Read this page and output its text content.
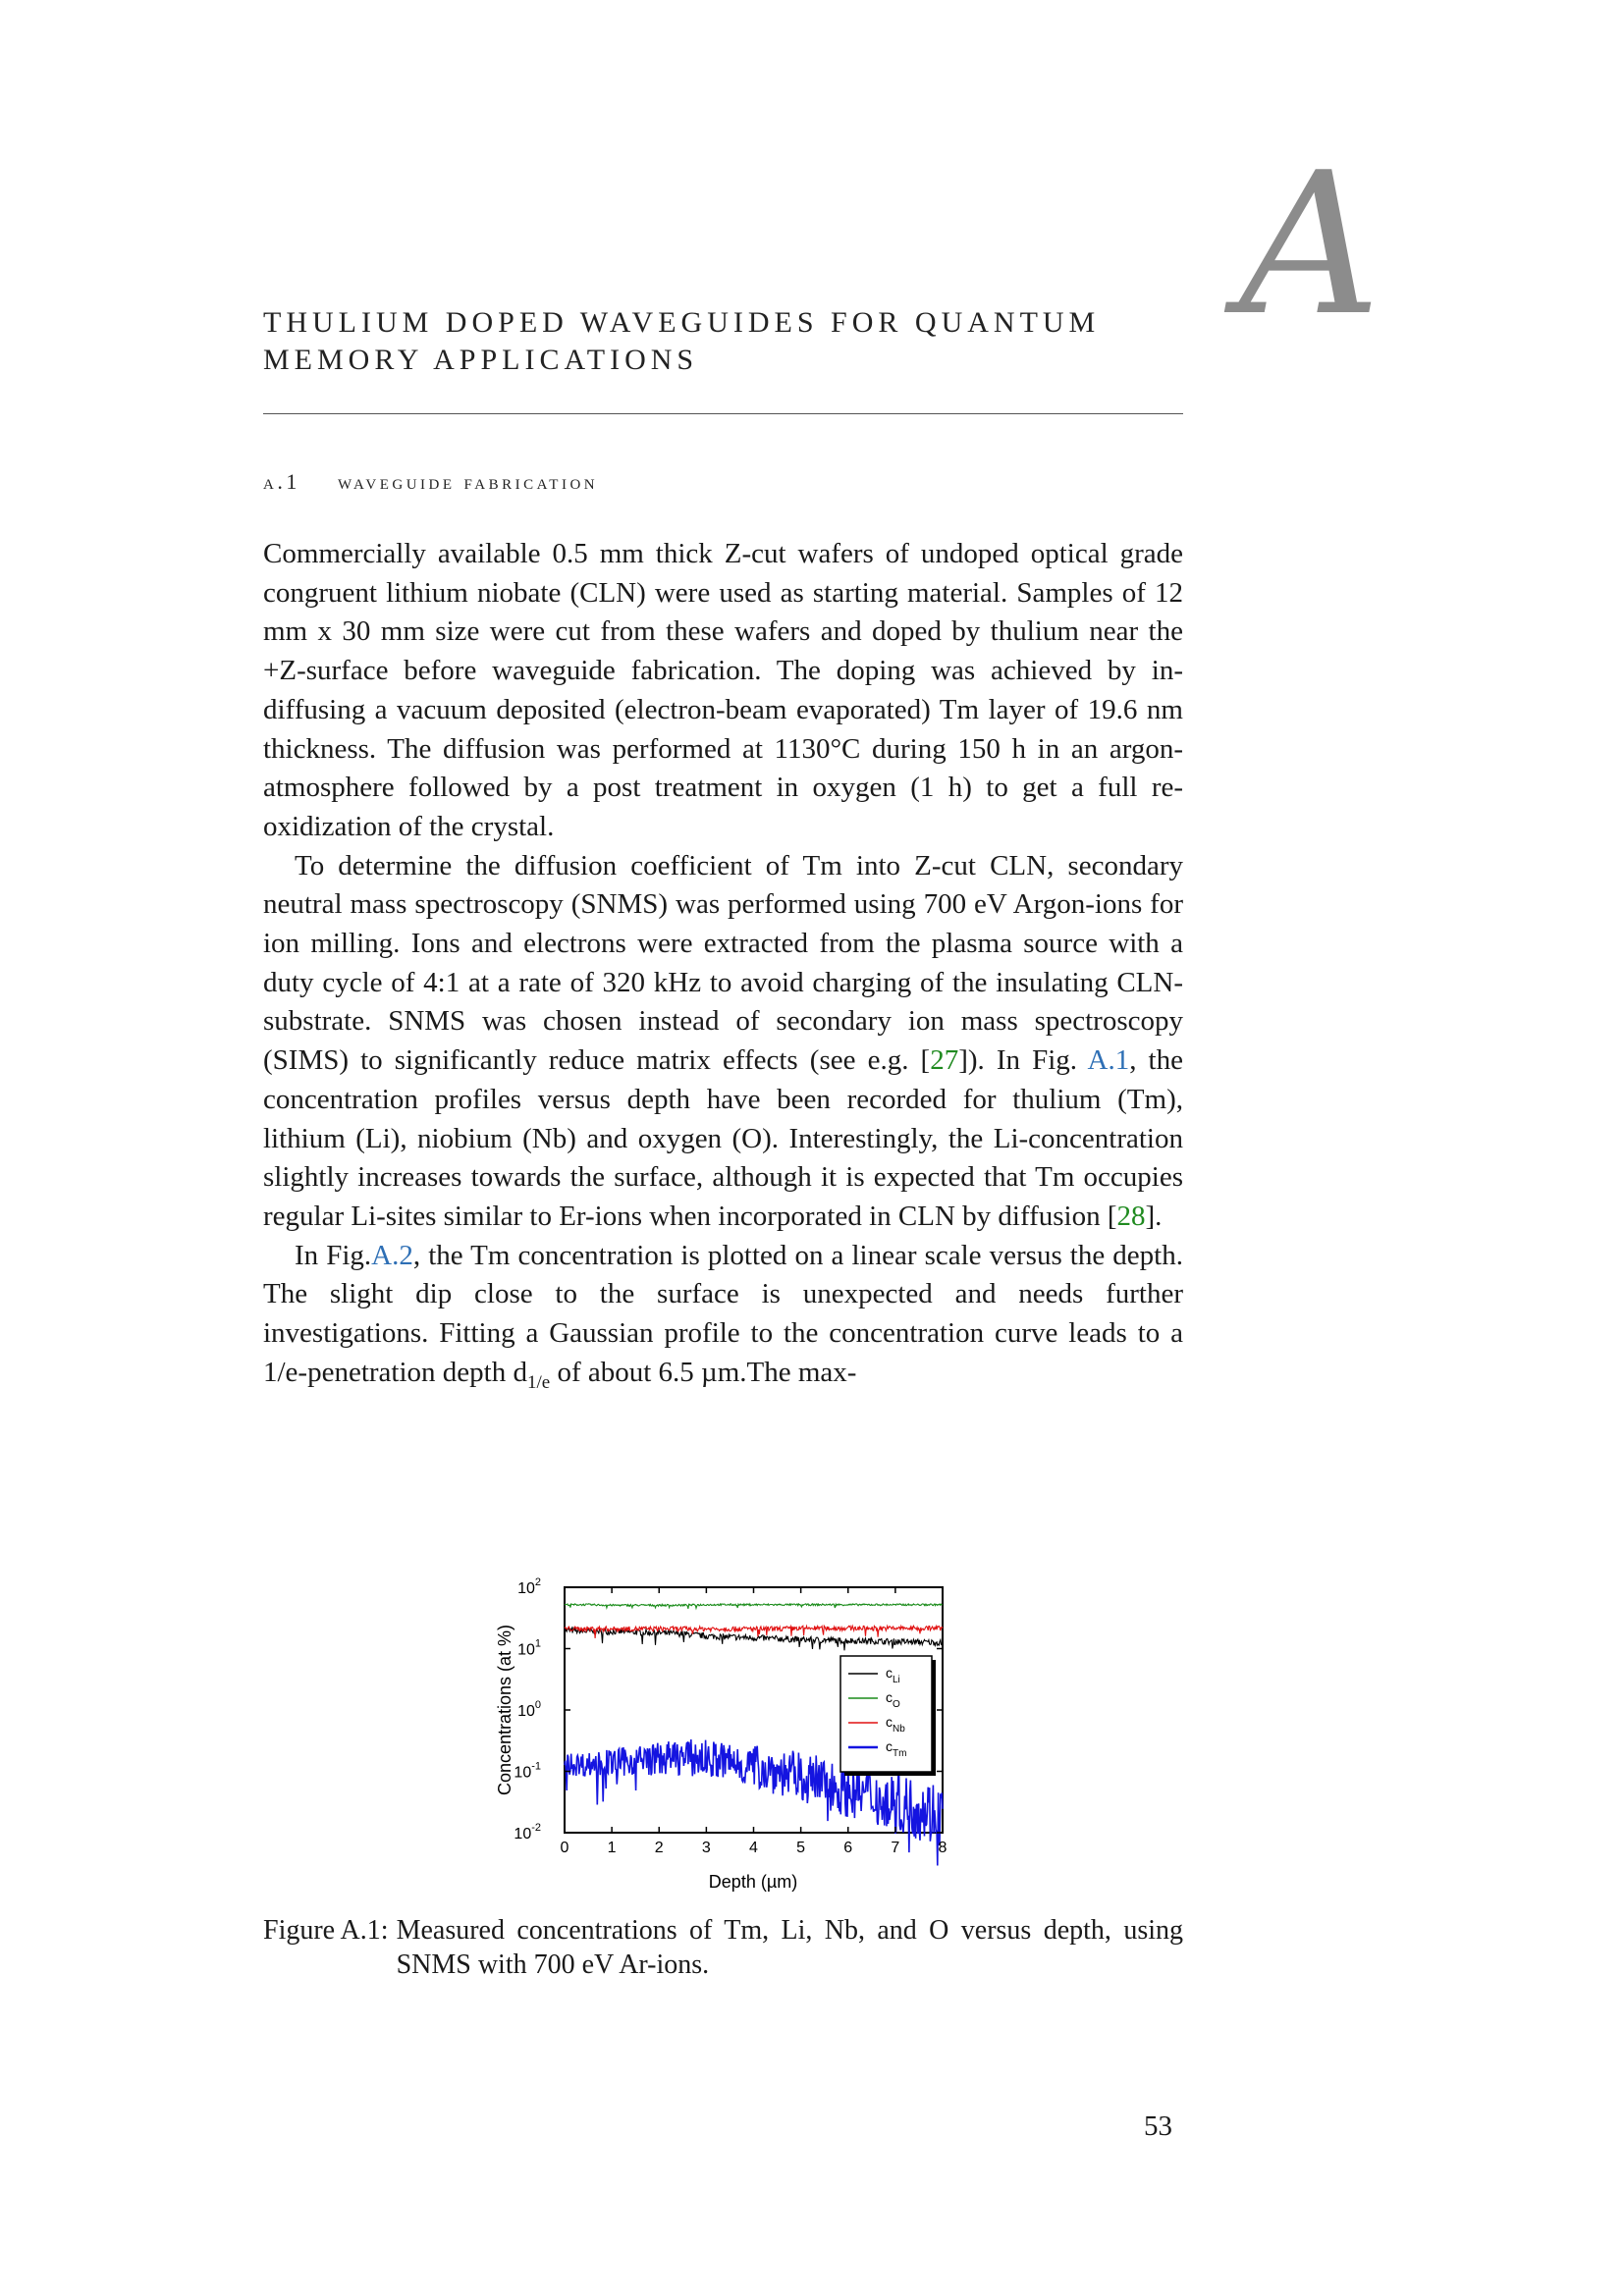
A
THULIUM DOPED WAVEGUIDES FOR QUANTUM
MEMORY APPLICATIONS
a.1 waveguide fabrication

Commercially available 0.5 mm thick Z-cut wafers of undoped optical grade congruent lithium niobate (CLN) were used as starting material. Samples of 12 mm x 30 mm size were cut from these wafers and doped by thulium near the +Z-surface before waveguide fabrication. The doping was achieved by in-diffusing a vacuum deposited (electron-beam evaporated) Tm layer of 19.6 nm thickness. The diffusion was performed at 1130°C during 150 h in an argon-atmosphere followed by a post treatment in oxygen (1 h) to get a full re-oxidization of the crystal.

To determine the diffusion coefficient of Tm into Z-cut CLN, secondary neutral mass spectroscopy (SNMS) was performed using 700 eV Argon-ions for ion milling. Ions and electrons were extracted from the plasma source with a duty cycle of 4:1 at a rate of 320 kHz to avoid charging of the insulating CLN-substrate. SNMS was chosen instead of secondary ion mass spectroscopy (SIMS) to significantly reduce matrix effects (see e.g. [27]). In Fig. A.1, the concentration profiles versus depth have been recorded for thulium (Tm), lithium (Li), niobium (Nb) and oxygen (O). Interestingly, the Li-concentration slightly increases towards the surface, although it is expected that Tm occupies regular Li-sites similar to Er-ions when incorporated in CLN by diffusion [28].

In Fig.A.2, the Tm concentration is plotted on a linear scale versus the depth. The slight dip close to the surface is unexpected and needs further investigations. Fitting a Gaussian profile to the concentration curve leads to a 1/e-penetration depth $d_{1/e}$ of about 6.5 µm.The max-

0 1 2 3 4 5 6 7 8
$10^2$
$10^1$
$10^0$
$10^{-1}$
$10^{-2}$
Depth (µm)
Concentrations (at %)	$c_{Li}$
$c_O$
$c_{Nb}$
$c_{Tm}$
Figure A.1: Measured concentrations of Tm, Li, Nb, and O versus depth, using SNMS with 700 eV Ar-ions.
53
